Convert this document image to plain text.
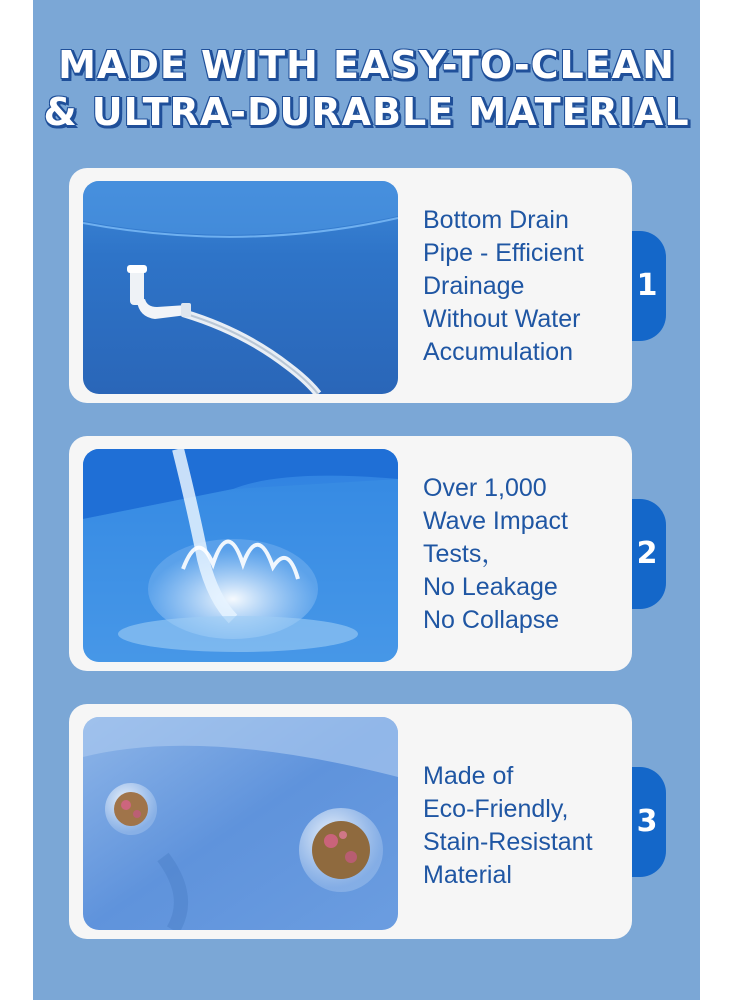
MADE WITH EASY-TO-CLEAN
& ULTRA-DURABLE MATERIAL
Bottom Drain
Pipe - Efficient
Drainage
Without Water
Accumulation
1
Over 1,000
Wave Impact
Tests，
No Leakage
No Collapse
2
Made of
Eco-Friendly,
Stain-Resistant
Material
3
